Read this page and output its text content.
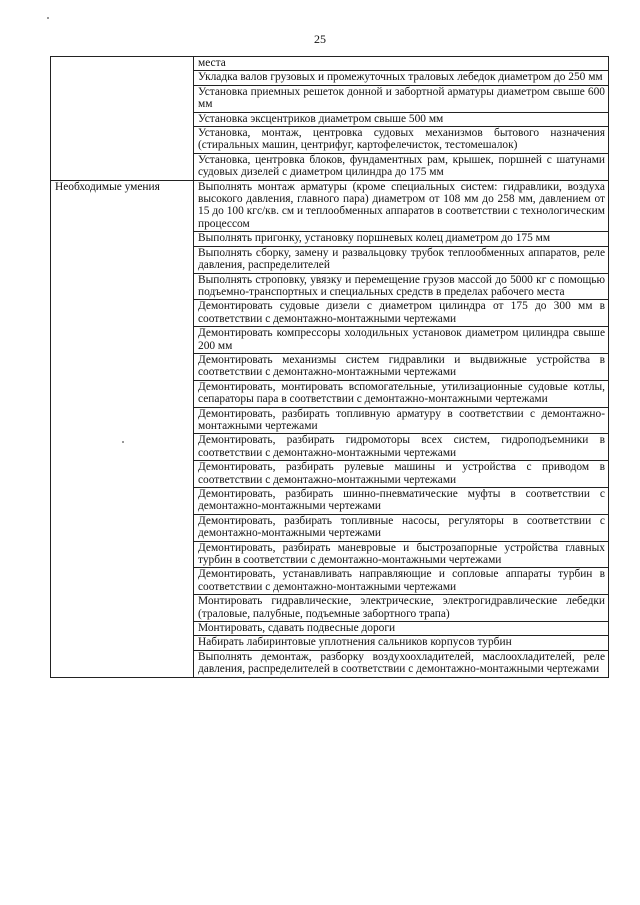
25
	места
	Укладка валов грузовых и промежуточных траловых лебедок диаметром до 250 мм
	Установка приемных решеток донной и забортной арматуры диаметром свыше 600 мм
	Установка эксцентриков диаметром свыше 500 мм
	Установка, монтаж, центровка судовых механизмов бытового назначения (стиральных машин, центрифуг, картофелечисток, тестомешалок)
	Установка, центровка блоков, фундаментных рам, крышек, поршней с шатунами судовых дизелей с диаметром цилиндра до 175 мм
Необходимые умения	Выполнять монтаж арматуры (кроме специальных систем: гидравлики, воздуха высокого давления, главного пара) диаметром от 108 мм до 258 мм, давлением от 15 до 100 кгс/кв. см и теплообменных аппаратов в соответствии с технологическим процессом
	Выполнять пригонку, установку поршневых колец диаметром до 175 мм
	Выполнять сборку, замену и развальцовку трубок теплообменных аппаратов, реле давления, распределителей
	Выполнять строповку, увязку и перемещение грузов массой до 5000 кг с помощью подъемно-транспортных и специальных средств в пределах рабочего места
	Демонтировать судовые дизели с диаметром цилиндра от 175 до 300 мм в соответствии с демонтажно-монтажными чертежами
	Демонтировать компрессоры холодильных установок диаметром цилиндра свыше 200 мм
	Демонтировать механизмы систем гидравлики и выдвижные устройства в соответствии с демонтажно-монтажными чертежами
	Демонтировать, монтировать вспомогательные, утилизационные судовые котлы, сепараторы пара в соответствии с демонтажно-монтажными чертежами
	Демонтировать, разбирать топливную арматуру в соответствии с демонтажно-монтажными чертежами
	Демонтировать, разбирать гидромоторы всех систем, гидроподъемники в соответствии с демонтажно-монтажными чертежами
	Демонтировать, разбирать рулевые машины и устройства с приводом в соответствии с демонтажно-монтажными чертежами
	Демонтировать, разбирать шинно-пневматические муфты в соответствии с демонтажно-монтажными чертежами
	Демонтировать, разбирать топливные насосы, регуляторы в соответствии с демонтажно-монтажными чертежами
	Демонтировать, разбирать маневровые и быстрозапорные устройства главных турбин в соответствии с демонтажно-монтажными чертежами
	Демонтировать, устанавливать направляющие и сопловые аппараты турбин в соответствии с демонтажно-монтажными чертежами
	Монтировать гидравлические, электрические, электрогидравлические лебедки (траловые, палубные, подъемные забортного трапа)
	Монтировать, сдавать подвесные дороги
	Набирать лабиринтовые уплотнения сальников корпусов турбин
	Выполнять демонтаж, разборку воздухоохладителей, маслоохладителей, реле давления, распределителей в соответствии с демонтажно-монтажными чертежами
